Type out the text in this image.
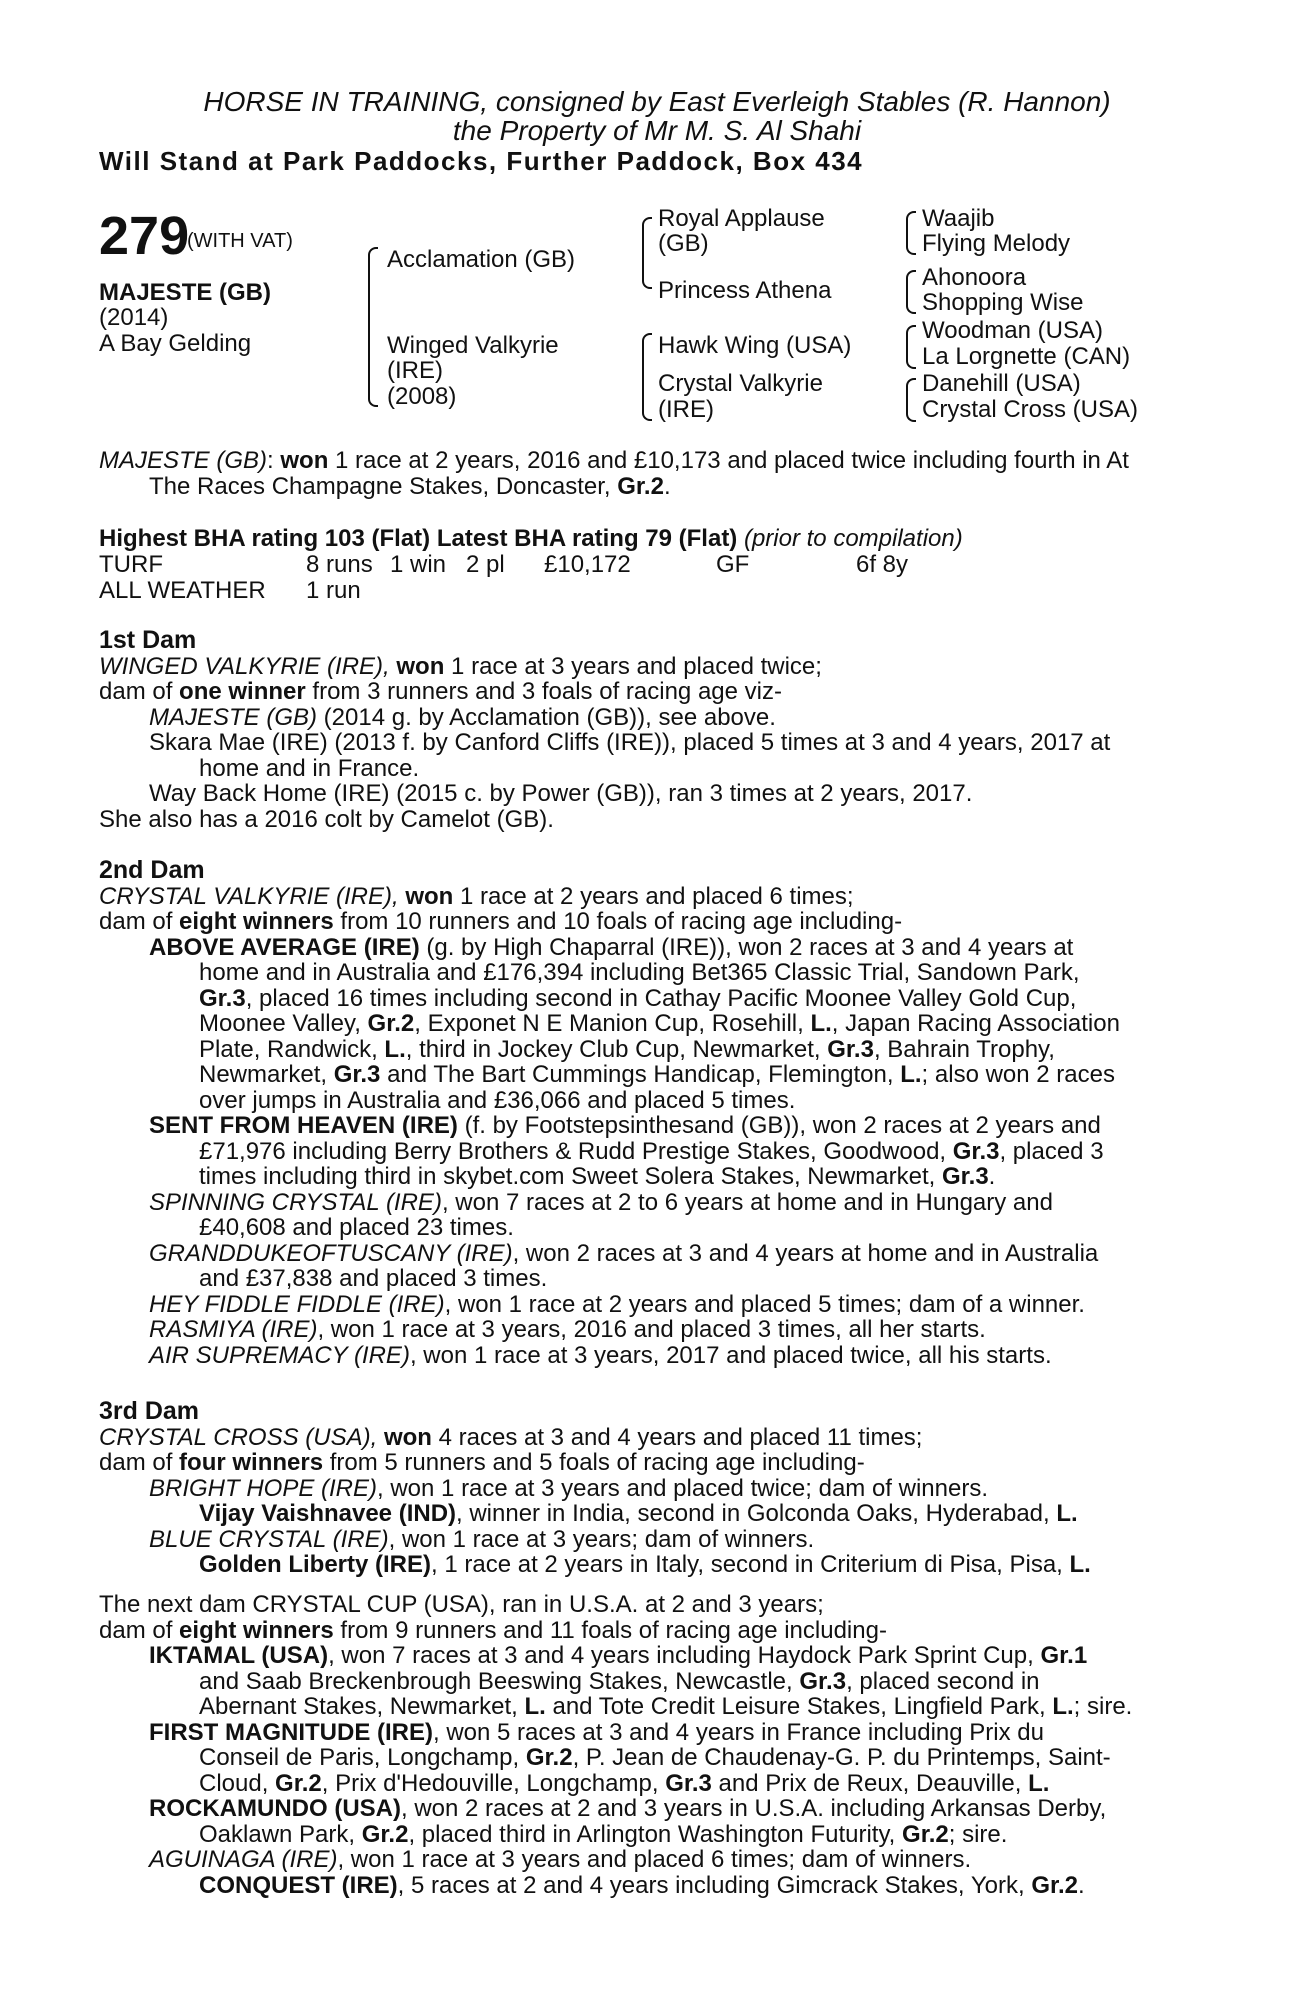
HORSE IN TRAINING, consigned by East Everleigh Stables (R. Hannon)
the Property of Mr M. S. Al Shahi
Will Stand at Park Paddocks, Further Paddock, Box 434
279
(WITH VAT)
MAJESTE (GB)
(2014)
A Bay Gelding
Acclamation (GB)
Winged Valkyrie
(IRE)
(2008)
Royal Applause
(GB)
Princess Athena
Hawk Wing (USA)
Crystal Valkyrie
(IRE)
Waajib
Flying Melody
Ahonoora
Shopping Wise
Woodman (USA)
La Lorgnette (CAN)
Danehill (USA)
Crystal Cross (USA)
MAJESTE (GB): won 1 race at 2 years, 2016 and £10,173 and placed twice including fourth in At
The Races Champagne Stakes, Doncaster, Gr.2.
Highest BHA rating 103 (Flat) Latest BHA rating 79 (Flat) (prior to compilation)
TURF	8 runs 1 win 2 pl £10,172	GF	6f 8y
ALL WEATHER 1 run
1st Dam
WINGED VALKYRIE (IRE), won 1 race at 3 years and placed twice;
dam of one winner from 3 runners and 3 foals of racing age viz-
MAJESTE (GB) (2014 g. by Acclamation (GB)), see above.
Skara Mae (IRE) (2013 f. by Canford Cliffs (IRE)), placed 5 times at 3 and 4 years, 2017 at
home and in France.
Way Back Home (IRE) (2015 c. by Power (GB)), ran 3 times at 2 years, 2017.
She also has a 2016 colt by Camelot (GB).
2nd Dam
CRYSTAL VALKYRIE (IRE), won 1 race at 2 years and placed 6 times;
dam of eight winners from 10 runners and 10 foals of racing age including-
ABOVE AVERAGE (IRE) (g. by High Chaparral (IRE)), won 2 races at 3 and 4 years at
home and in Australia and £176,394 including Bet365 Classic Trial, Sandown Park,
Gr.3, placed 16 times including second in Cathay Pacific Moonee Valley Gold Cup,
Moonee Valley, Gr.2, Exponet N E Manion Cup, Rosehill, L., Japan Racing Association
Plate, Randwick, L., third in Jockey Club Cup, Newmarket, Gr.3, Bahrain Trophy,
Newmarket, Gr.3 and The Bart Cummings Handicap, Flemington, L.; also won 2 races
over jumps in Australia and £36,066 and placed 5 times.
SENT FROM HEAVEN (IRE) (f. by Footstepsinthesand (GB)), won 2 races at 2 years and
£71,976 including Berry Brothers & Rudd Prestige Stakes, Goodwood, Gr.3, placed 3
times including third in skybet.com Sweet Solera Stakes, Newmarket, Gr.3.
SPINNING CRYSTAL (IRE), won 7 races at 2 to 6 years at home and in Hungary and
£40,608 and placed 23 times.
GRANDDUKEOFTUSCANY (IRE), won 2 races at 3 and 4 years at home and in Australia
and £37,838 and placed 3 times.
HEY FIDDLE FIDDLE (IRE), won 1 race at 2 years and placed 5 times; dam of a winner.
RASMIYA (IRE), won 1 race at 3 years, 2016 and placed 3 times, all her starts.
AIR SUPREMACY (IRE), won 1 race at 3 years, 2017 and placed twice, all his starts.
3rd Dam
CRYSTAL CROSS (USA), won 4 races at 3 and 4 years and placed 11 times;
dam of four winners from 5 runners and 5 foals of racing age including-
BRIGHT HOPE (IRE), won 1 race at 3 years and placed twice; dam of winners.
Vijay Vaishnavee (IND), winner in India, second in Golconda Oaks, Hyderabad, L.
BLUE CRYSTAL (IRE), won 1 race at 3 years; dam of winners.
Golden Liberty (IRE), 1 race at 2 years in Italy, second in Criterium di Pisa, Pisa, L.
The next dam CRYSTAL CUP (USA), ran in U.S.A. at 2 and 3 years;
dam of eight winners from 9 runners and 11 foals of racing age including-
IKTAMAL (USA), won 7 races at 3 and 4 years including Haydock Park Sprint Cup, Gr.1
and Saab Breckenbrough Beeswing Stakes, Newcastle, Gr.3, placed second in
Abernant Stakes, Newmarket, L. and Tote Credit Leisure Stakes, Lingfield Park, L.; sire.
FIRST MAGNITUDE (IRE), won 5 races at 3 and 4 years in France including Prix du
Conseil de Paris, Longchamp, Gr.2, P. Jean de Chaudenay-G. P. du Printemps, Saint-
Cloud, Gr.2, Prix d'Hedouville, Longchamp, Gr.3 and Prix de Reux, Deauville, L.
ROCKAMUNDO (USA), won 2 races at 2 and 3 years in U.S.A. including Arkansas Derby,
Oaklawn Park, Gr.2, placed third in Arlington Washington Futurity, Gr.2; sire.
AGUINAGA (IRE), won 1 race at 3 years and placed 6 times; dam of winners.
CONQUEST (IRE), 5 races at 2 and 4 years including Gimcrack Stakes, York, Gr.2.
